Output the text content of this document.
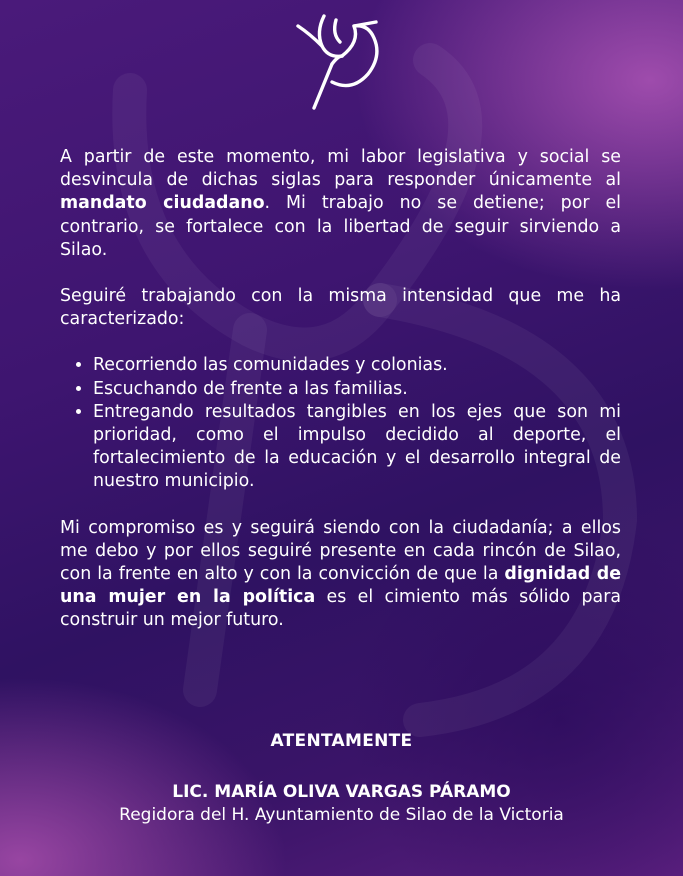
A partir de este momento, mi labor legislativa y social se desvincula de dichas siglas para responder únicamente al mandato ciudadano. Mi trabajo no se detiene; por el contrario, se fortalece con la libertad de seguir sirviendo a Silao.

Seguiré trabajando con la misma intensidad que me ha caracterizado:

• Recorriendo las comunidades y colonias.
• Escuchando de frente a las familias.
• Entregando resultados tangibles en los ejes que son mi prioridad, como el impulso decidido al deporte, el fortalecimiento de la educación y el desarrollo integral de nuestro municipio.

Mi compromiso es y seguirá siendo con la ciudadanía; a ellos me debo y por ellos seguiré presente en cada rincón de Silao, con la frente en alto y con la convicción de que la dignidad de una mujer en la política es el cimiento más sólido para construir un mejor futuro.

ATENTAMENTE

LIC. MARÍA OLIVA VARGAS PÁRAMO

Regidora del H. Ayuntamiento de Silao de la Victoria
